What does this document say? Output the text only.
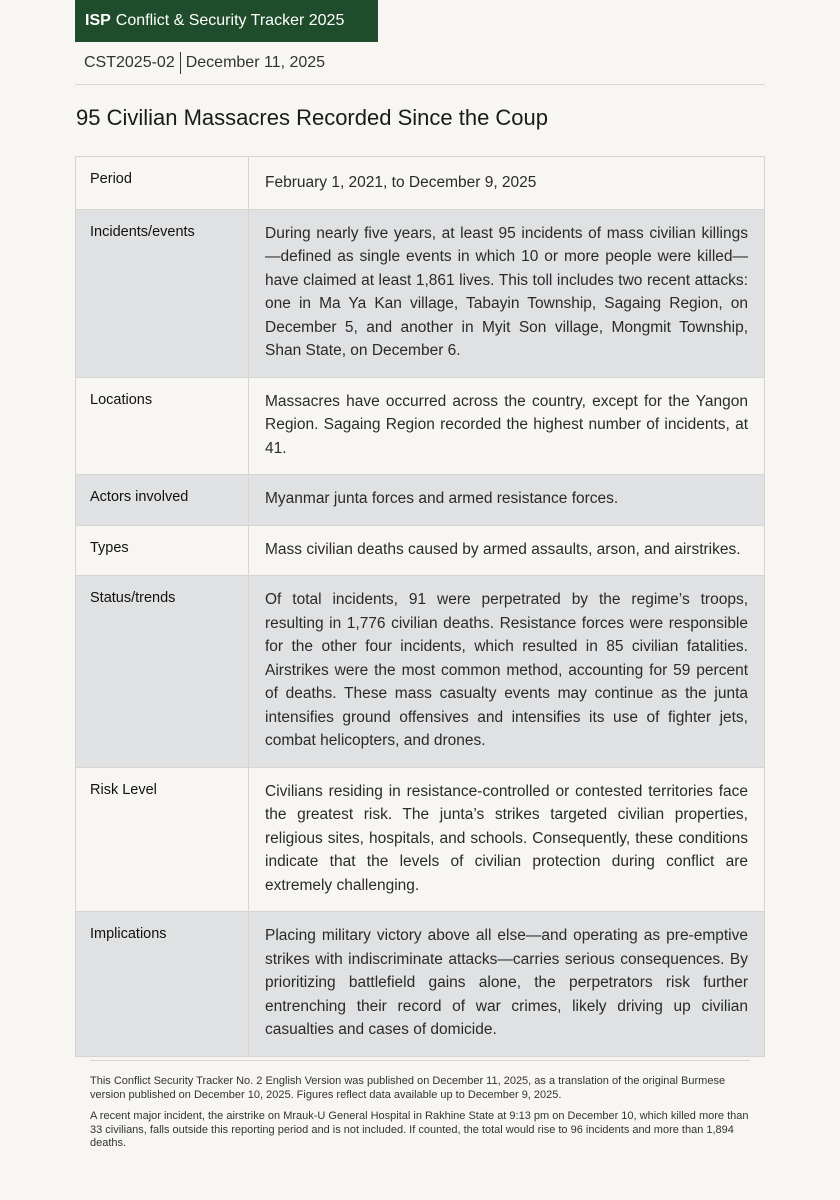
ISP Conflict & Security Tracker 2025
CST2025-02 December 11, 2025
95 Civilian Massacres Recorded Since the Coup
Period	February 1, 2021, to December 9, 2025
Incidents/events	During nearly five years, at least 95 incidents of mass civilian killings—defined as single events in which 10 or more people were killed—have claimed at least 1,861 lives. This toll includes two recent attacks: one in Ma Ya Kan village, Tabayin Township, Sagaing Region, on December 5, and another in Myit Son village, Mongmit Township, Shan State, on December 6.
Locations	Massacres have occurred across the country, except for the Yangon Region. Sagaing Region recorded the highest number of incidents, at 41.
Actors involved	Myanmar junta forces and armed resistance forces.
Types	Mass civilian deaths caused by armed assaults, arson, and airstrikes.
Status/trends	Of total incidents, 91 were perpetrated by the regime’s troops, resulting in 1,776 civilian deaths. Resistance forces were responsible for the other four incidents, which resulted in 85 civilian fatalities. Airstrikes were the most common method, accounting for 59 percent of deaths. These mass casualty events may continue as the junta intensifies ground offensives and intensifies its use of fighter jets, combat helicopters, and drones.
Risk Level	Civilians residing in resistance-controlled or contested territories face the greatest risk. The junta’s strikes targeted civilian properties, religious sites, hospitals, and schools. Consequently, these conditions indicate that the levels of civilian protection during conflict are extremely challenging.
Implications	Placing military victory above all else—and operating as pre-emptive strikes with indiscriminate attacks—carries serious consequences. By prioritizing battlefield gains alone, the perpetrators risk further entrenching their record of war crimes, likely driving up civilian casualties and cases of domicide.

This Conflict Security Tracker No. 2 English Version was published on December 11, 2025, as a translation of the original Burmese version published on December 10, 2025. Figures reflect data available up to December 9, 2025.

A recent major incident, the airstrike on Mrauk-U General Hospital in Rakhine State at 9:13 pm on December 10, which killed more than 33 civilians, falls outside this reporting period and is not included. If counted, the total would rise to 96 incidents and more than 1,894 deaths.
